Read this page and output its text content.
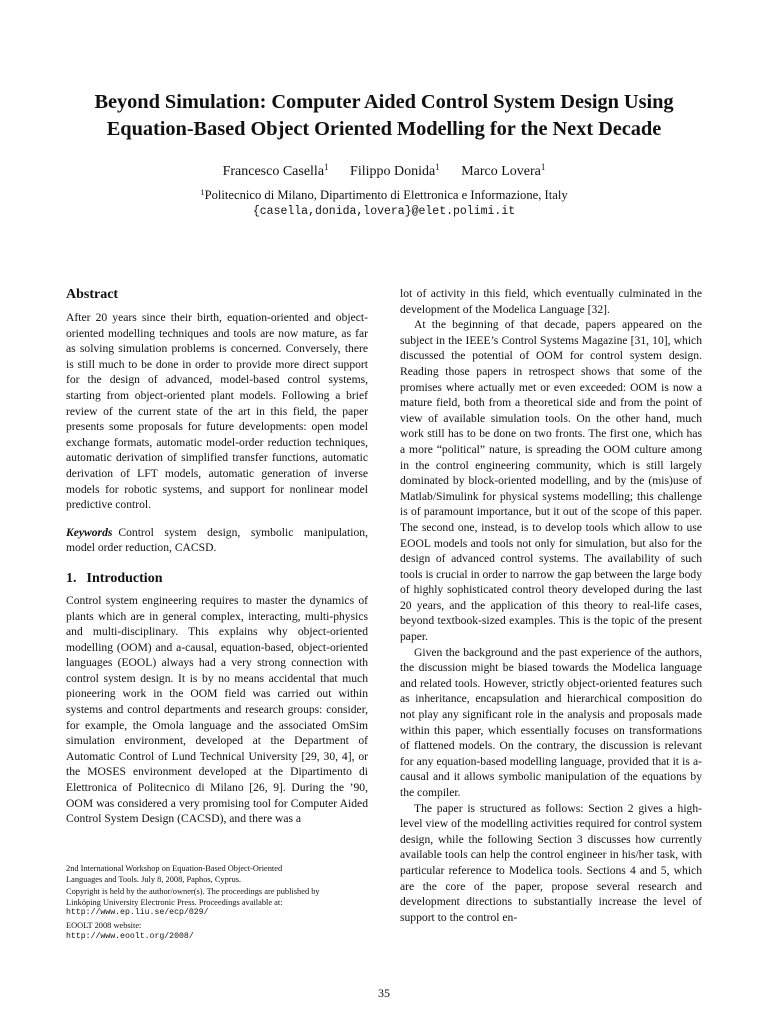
Beyond Simulation: Computer Aided Control System Design Using
Equation-Based Object Oriented Modelling for the Next Decade
Francesco Casella$^1$ Filippo Donida$^1$ Marco Lovera$^1$
$^1$Politecnico di Milano, Dipartimento di Elettronica e Informazione, Italy
{casella,donida,lovera}@elet.polimi.it
Abstract

After 20 years since their birth, equation-oriented and object-oriented modelling techniques and tools are now mature, as far as solving simulation problems is concerned. Conversely, there is still much to be done in order to provide more direct support for the design of advanced, model-based control systems, starting from object-oriented plant models. Following a brief review of the current state of the art in this field, the paper presents some proposals for future developments: open model exchange formats, automatic model-order reduction techniques, automatic derivation of simplified transfer functions, automatic derivation of LFT models, automatic generation of inverse models for robotic systems, and support for nonlinear model predictive control.

Keywords Control system design, symbolic manipulation, model order reduction, CACSD.

1. Introduction

Control system engineering requires to master the dynamics of plants which are in general complex, interacting, multi-physics and multi-disciplinary. This explains why object-oriented modelling (OOM) and a-causal, equation-based, object-oriented languages (EOOL) always had a very strong connection with control system design. It is by no means accidental that much pioneering work in the OOM field was carried out within systems and control departments and research groups: consider, for example, the Omola language and the associated OmSim simulation environment, developed at the Department of Automatic Control of Lund Technical University [29, 30, 4], or the MOSES environment developed at the Dipartimento di Elettronica of Politecnico di Milano [26, 9]. During the ’90, OOM was considered a very promising tool for Computer Aided Control System Design (CACSD), and there was a

lot of activity in this field, which eventually culminated in the development of the Modelica Language [32].

At the beginning of that decade, papers appeared on the subject in the IEEE’s Control Systems Magazine [31, 10], which discussed the potential of OOM for control system design. Reading those papers in retrospect shows that some of the promises where actually met or even exceeded: OOM is now a mature field, both from a theoretical side and from the point of view of available simulation tools. On the other hand, much work still has to be done on two fronts. The first one, which has a more “political” nature, is spreading the OOM culture among in the control engineering community, which is still largely dominated by block-oriented modelling, and by the (mis)use of Matlab/Simulink for physical systems modelling; this challenge is of paramount importance, but it out of the scope of this paper. The second one, instead, is to develop tools which allow to use EOOL models and tools not only for simulation, but also for the design of advanced control systems. The availability of such tools is crucial in order to narrow the gap between the large body of highly sophisticated control theory developed during the last 20 years, and the application of this theory to real-life cases, beyond textbook-sized examples. This is the topic of the present paper.

Given the background and the past experience of the authors, the discussion might be biased towards the Modelica language and related tools. However, strictly object-oriented features such as inheritance, encapsulation and hierarchical composition do not play any significant role in the analysis and proposals made within this paper, which essentially focuses on transformations of flattened models. On the contrary, the discussion is relevant for any equation-based modelling language, provided that it is a-causal and it allows symbolic manipulation of the equations by the compiler.

The paper is structured as follows: Section 2 gives a high-level view of the modelling activities required for control system design, while the following Section 3 discusses how currently available tools can help the control engineer in his/her task, with particular reference to Modelica tools. Sections 4 and 5, which are the core of the paper, propose several research and development directions to substantially increase the level of support to the control en-

2nd International Workshop on Equation-Based Object-Oriented
Languages and Tools. July 8, 2008, Paphos, Cyprus.
Copyright is held by the author/owner(s). The proceedings are published by
Linköping University Electronic Press. Proceedings available at:
http://www.ep.liu.se/ecp/029/
EOOLT 2008 website:
http://www.eoolt.org/2008/
35
